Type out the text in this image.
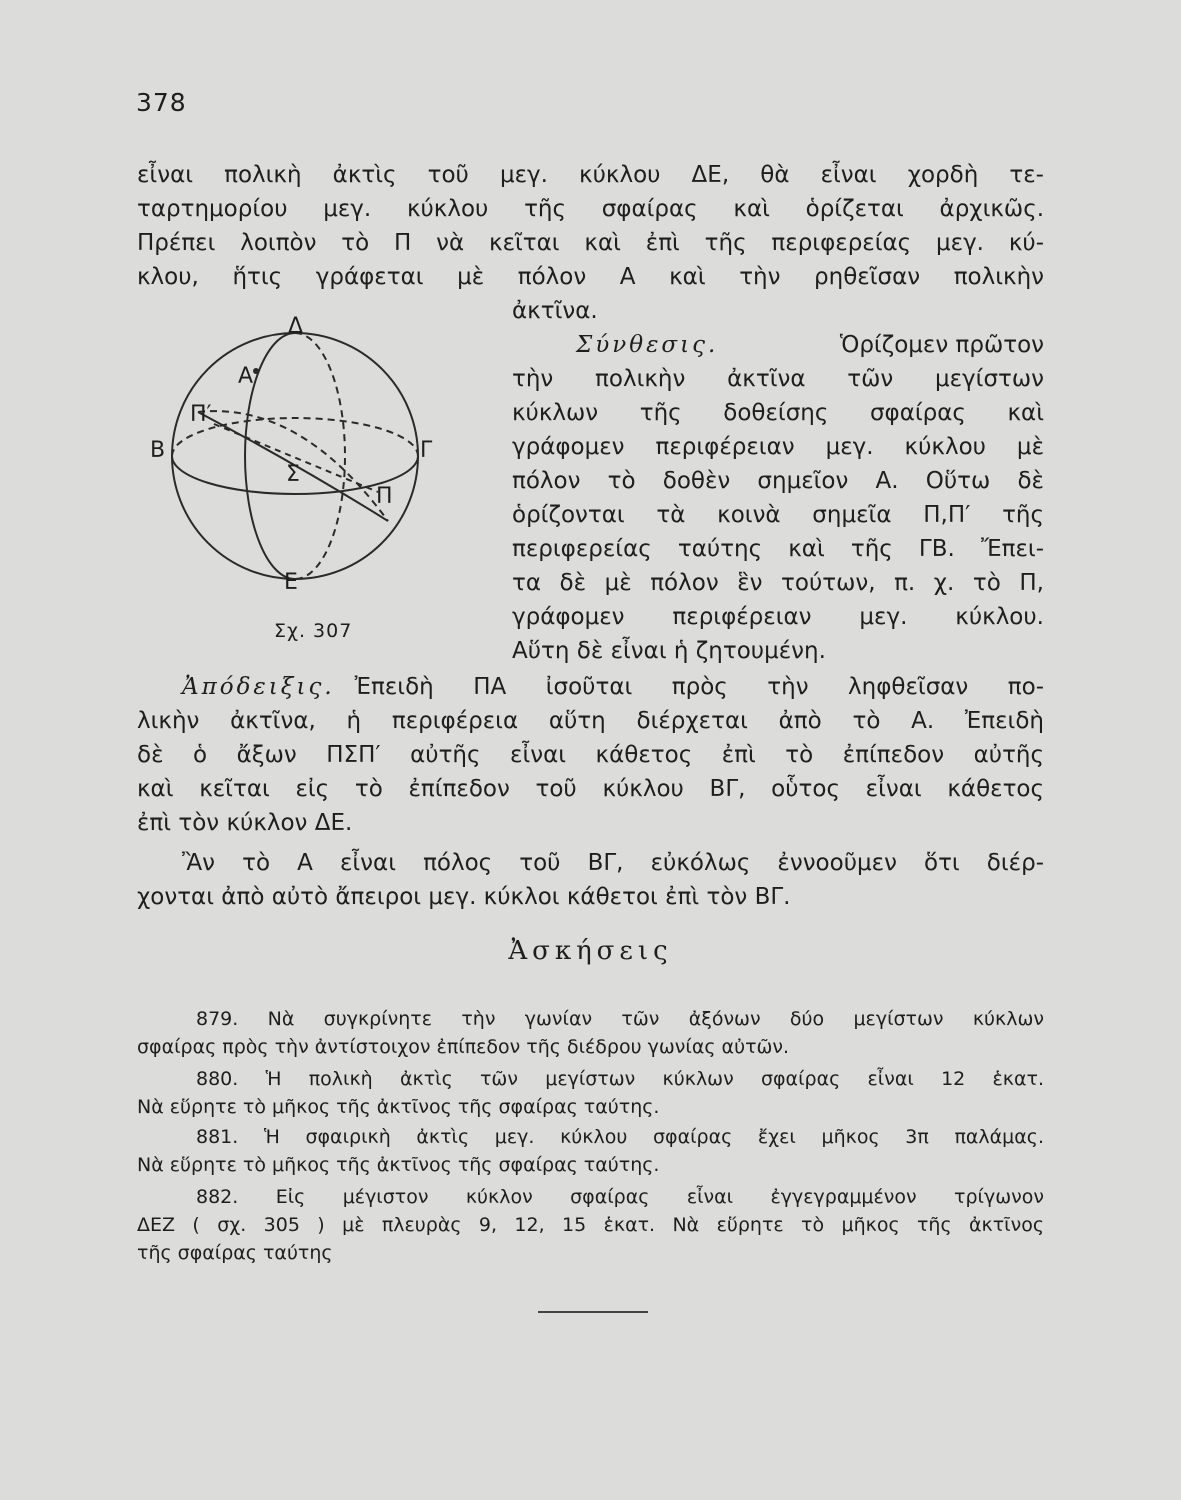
378
εἶναι πολικὴ ἀκτὶς τοῦ μεγ. κύκλου ΔΕ, θὰ εἶναι χορδὴ τε-
ταρτημορίου μεγ. κύκλου τῆς σφαίρας καὶ ὁρίζεται ἀρχικῶς.
Πρέπει λοιπὸν τὸ Π νὰ κεῖται καὶ ἐπὶ τῆς περιφερείας μεγ. κύ-
κλου, ἥτις γράφεται μὲ πόλον Α καὶ τὴν ρηθεῖσαν πολικὴν
ἀκτῖνα.
Σύνθεσις.	Ὁρίζομεν πρῶτον
τὴν πολικὴν ἀκτῖνα τῶν μεγίστων
κύκλων τῆς δοθείσης σφαίρας καὶ
γράφομεν περιφέρειαν μεγ. κύκλου μὲ
πόλον τὸ δοθὲν σημεῖον Α. Οὕτω δὲ
ὁρίζονται τὰ κοινὰ σημεῖα Π,Π′ τῆς
περιφερείας ταύτης καὶ τῆς ΓΒ. Ἔπει-
τα δὲ μὲ πόλον ἓν τούτων, π. χ. τὸ Π,
γράφομεν περιφέρειαν μεγ. κύκλου.
Αὕτη δὲ εἶναι ἡ ζητουμένη.
Δ
Α
Π′
Β	Γ
Σ
Π
Ε
Σχ. 307
Ἀπόδειξις. Ἐπειδὴ ΠΑ ἰσοῦται πρὸς τὴν ληφθεῖσαν πο-
λικὴν ἀκτῖνα, ἡ περιφέρεια αὕτη διέρχεται ἀπὸ τὸ Α. Ἐπειδὴ
δὲ ὁ ἄξων ΠΣΠ′ αὐτῆς εἶναι κάθετος ἐπὶ τὸ ἐπίπεδον αὐτῆς
καὶ κεῖται εἰς τὸ ἐπίπεδον τοῦ κύκλου ΒΓ, οὗτος εἶναι κάθετος
ἐπὶ τὸν κύκλον ΔΕ.
Ἂν τὸ Α εἶναι πόλος τοῦ ΒΓ, εὐκόλως ἐννοοῦμεν ὅτι διέρ-
χονται ἀπὸ αὐτὸ ἄπειροι μεγ. κύκλοι κάθετοι ἐπὶ τὸν ΒΓ.
Ἀσκήσεις
879. Νὰ συγκρίνητε τὴν γωνίαν τῶν ἀξόνων δύο μεγίστων κύκλων
σφαίρας πρὸς τὴν ἀντίστοιχον ἐπίπεδον τῆς διέδρου γωνίας αὐτῶν.
880. Ἡ πολικὴ ἀκτὶς τῶν μεγίστων κύκλων σφαίρας εἶναι 12 ἑκατ.
Νὰ εὕρητε τὸ μῆκος τῆς ἀκτῖνος τῆς σφαίρας ταύτης.
881. Ἡ σφαιρικὴ ἀκτὶς μεγ. κύκλου σφαίρας ἔχει μῆκος 3π παλάμας.
Νὰ εὕρητε τὸ μῆκος τῆς ἀκτῖνος τῆς σφαίρας ταύτης.
882. Εἰς μέγιστον κύκλον σφαίρας εἶναι ἐγγεγραμμένον τρίγωνον
ΔΕΖ ( σχ. 305 ) μὲ πλευρὰς 9, 12, 15 ἑκατ. Νὰ εὕρητε τὸ μῆκος τῆς ἀκτῖνος
τῆς σφαίρας ταύτης
